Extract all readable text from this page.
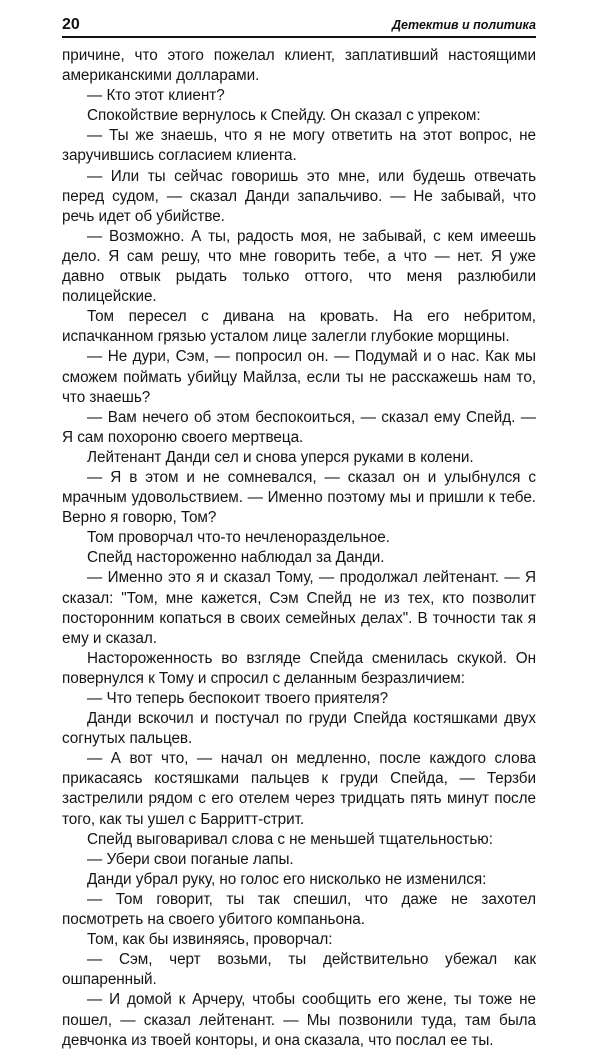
20	Детектив и политика

причине, что этого пожелал клиент, заплативший настоящими американскими долларами.

— Кто этот клиент?

Спокойствие вернулось к Спейду. Он сказал с упреком:

— Ты же знаешь, что я не могу ответить на этот вопрос, не заручившись согласием клиента.

— Или ты сейчас говоришь это мне, или будешь отвечать перед судом, — сказал Данди запальчиво. — Не забывай, что речь идет об убийстве.

— Возможно. А ты, радость моя, не забывай, с кем имеешь дело. Я сам решу, что мне говорить тебе, а что — нет. Я уже давно отвык рыдать только оттого, что меня разлюбили полицейские.

Том пересел с дивана на кровать. На его небритом, испачканном грязью усталом лице залегли глубокие морщины.

— Не дури, Сэм, — попросил он. — Подумай и о нас. Как мы сможем поймать убийцу Майлза, если ты не расскажешь нам то, что знаешь?

— Вам нечего об этом беспокоиться, — сказал ему Спейд. — Я сам похороню своего мертвеца.

Лейтенант Данди сел и снова уперся руками в колени.

— Я в этом и не сомневался, — сказал он и улыбнулся с мрачным удовольствием. — Именно поэтому мы и пришли к тебе. Верно я говорю, Том?

Том проворчал что-то нечленораздельное.

Спейд настороженно наблюдал за Данди.

— Именно это я и сказал Тому, — продолжал лейтенант. — Я сказал: "Том, мне кажется, Сэм Спейд не из тех, кто позволит посторонним копаться в своих семейных делах". В точности так я ему и сказал.

Настороженность во взгляде Спейда сменилась скукой. Он повернулся к Тому и спросил с деланным безразличием:

— Что теперь беспокоит твоего приятеля?

Данди вскочил и постучал по груди Спейда костяшками двух согнутых пальцев.

— А вот что, — начал он медленно, после каждого слова прикасаясь костяшками пальцев к груди Спейда, — Терзби застрелили рядом с его отелем через тридцать пять минут после того, как ты ушел с Барритт-стрит.

Спейд выговаривал слова с не меньшей тщательностью:

— Убери свои поганые лапы.

Данди убрал руку, но голос его нисколько не изменился:

— Том говорит, ты так спешил, что даже не захотел посмотреть на своего убитого компаньона.

Том, как бы извиняясь, проворчал:

— Сэм, черт возьми, ты действительно убежал как ошпаренный.

— И домой к Арчеру, чтобы сообщить его жене, ты тоже не пошел, — сказал лейтенант. — Мы позвонили туда, там была девчонка из твоей конторы, и она сказала, что послал ее ты.
